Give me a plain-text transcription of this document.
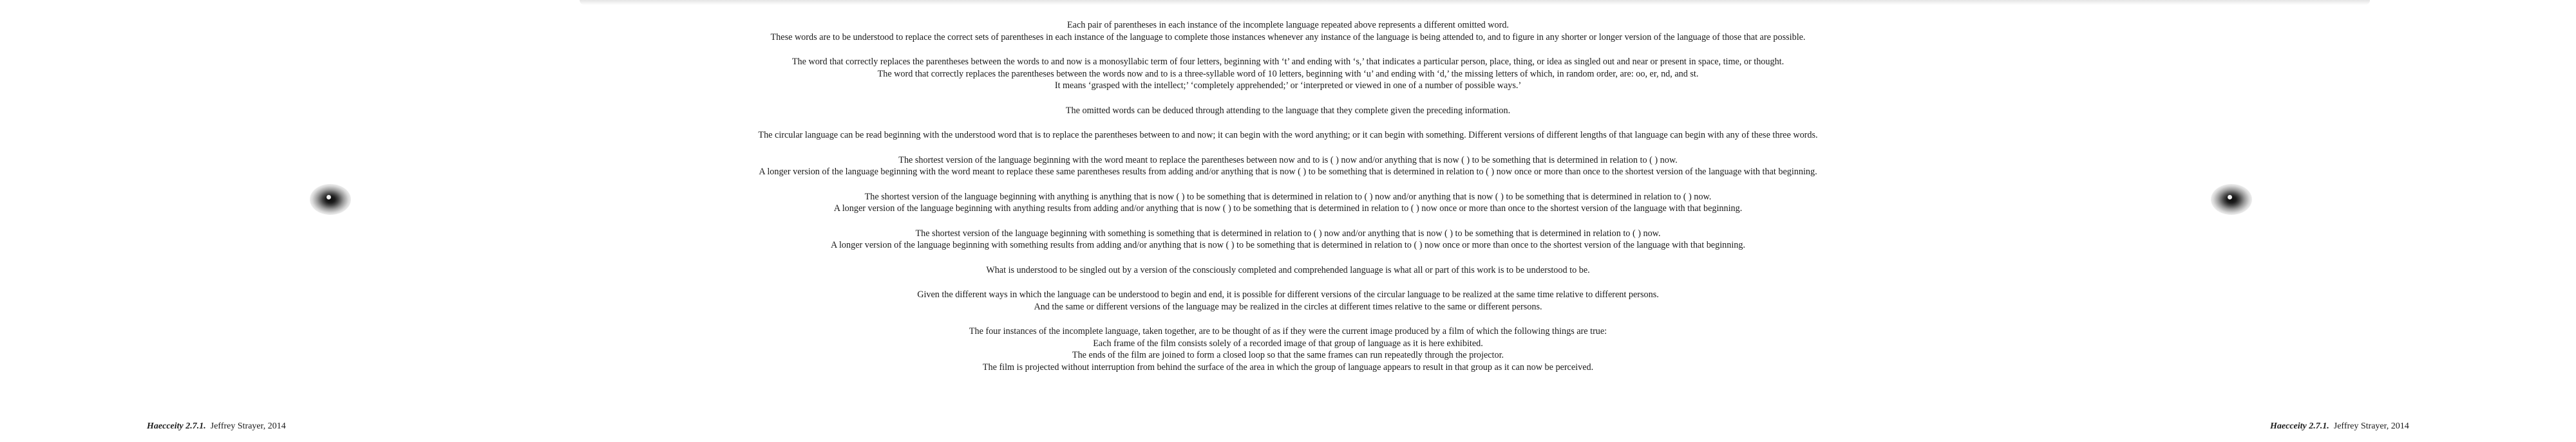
Each pair of parentheses in each instance of the incomplete language repeated above represents a different omitted word.
These words are to be understood to replace the correct sets of parentheses in each instance of the language to complete those instances whenever any instance of the language is being attended to, and to figure in any shorter or longer version of the language of those that are possible.

The word that correctly replaces the parentheses between the words to and now is a monosyllabic term of four letters, beginning with ‘t’ and ending with ‘s,’ that indicates a particular person, place, thing, or idea as singled out and near or present in space, time, or thought.
The word that correctly replaces the parentheses between the words now and to is a three-syllable word of 10 letters, beginning with ‘u’ and ending with ‘d,’ the missing letters of which, in random order, are: oo, er, nd, and st.
It means ‘grasped with the intellect;’ ‘completely apprehended;’ or ‘interpreted or viewed in one of a number of possible ways.’

The omitted words can be deduced through attending to the language that they complete given the preceding information.

The circular language can be read beginning with the understood word that is to replace the parentheses between to and now; it can begin with the word anything; or it can begin with something. Different versions of different lengths of that language can begin with any of these three words.

The shortest version of the language beginning with the word meant to replace the parentheses between now and to is ( ) now and/or anything that is now ( ) to be something that is determined in relation to ( ) now.
A longer version of the language beginning with the word meant to replace these same parentheses results from adding and/or anything that is now ( ) to be something that is determined in relation to ( ) now once or more than once to the shortest version of the language with that beginning.

The shortest version of the language beginning with anything is anything that is now ( ) to be something that is determined in relation to ( ) now and/or anything that is now ( ) to be something that is determined in relation to ( ) now.
A longer version of the language beginning with anything results from adding and/or anything that is now ( ) to be something that is determined in relation to ( ) now once or more than once to the shortest version of the language with that beginning.

The shortest version of the language beginning with something is something that is determined in relation to ( ) now and/or anything that is now ( ) to be something that is determined in relation to ( ) now.
A longer version of the language beginning with something results from adding and/or anything that is now ( ) to be something that is determined in relation to ( ) now once or more than once to the shortest version of the language with that beginning.

What is understood to be singled out by a version of the consciously completed and comprehended language is what all or part of this work is to be understood to be.

Given the different ways in which the language can be understood to begin and end, it is possible for different versions of the circular language to be realized at the same time relative to different persons.
And the same or different versions of the language may be realized in the circles at different times relative to the same or different persons.

The four instances of the incomplete language, taken together, are to be thought of as if they were the current image produced by a film of which the following things are true:
Each frame of the film consists solely of a recorded image of that group of language as it is here exhibited.
The ends of the film are joined to form a closed loop so that the same frames can run repeatedly through the projector.
The film is projected without interruption from behind the surface of the area in which the group of language appears to result in that group as it can now be perceived.

Haecceity 2.7.1. Jeffrey Strayer, 2014	Haecceity 2.7.1. Jeffrey Strayer, 2014
